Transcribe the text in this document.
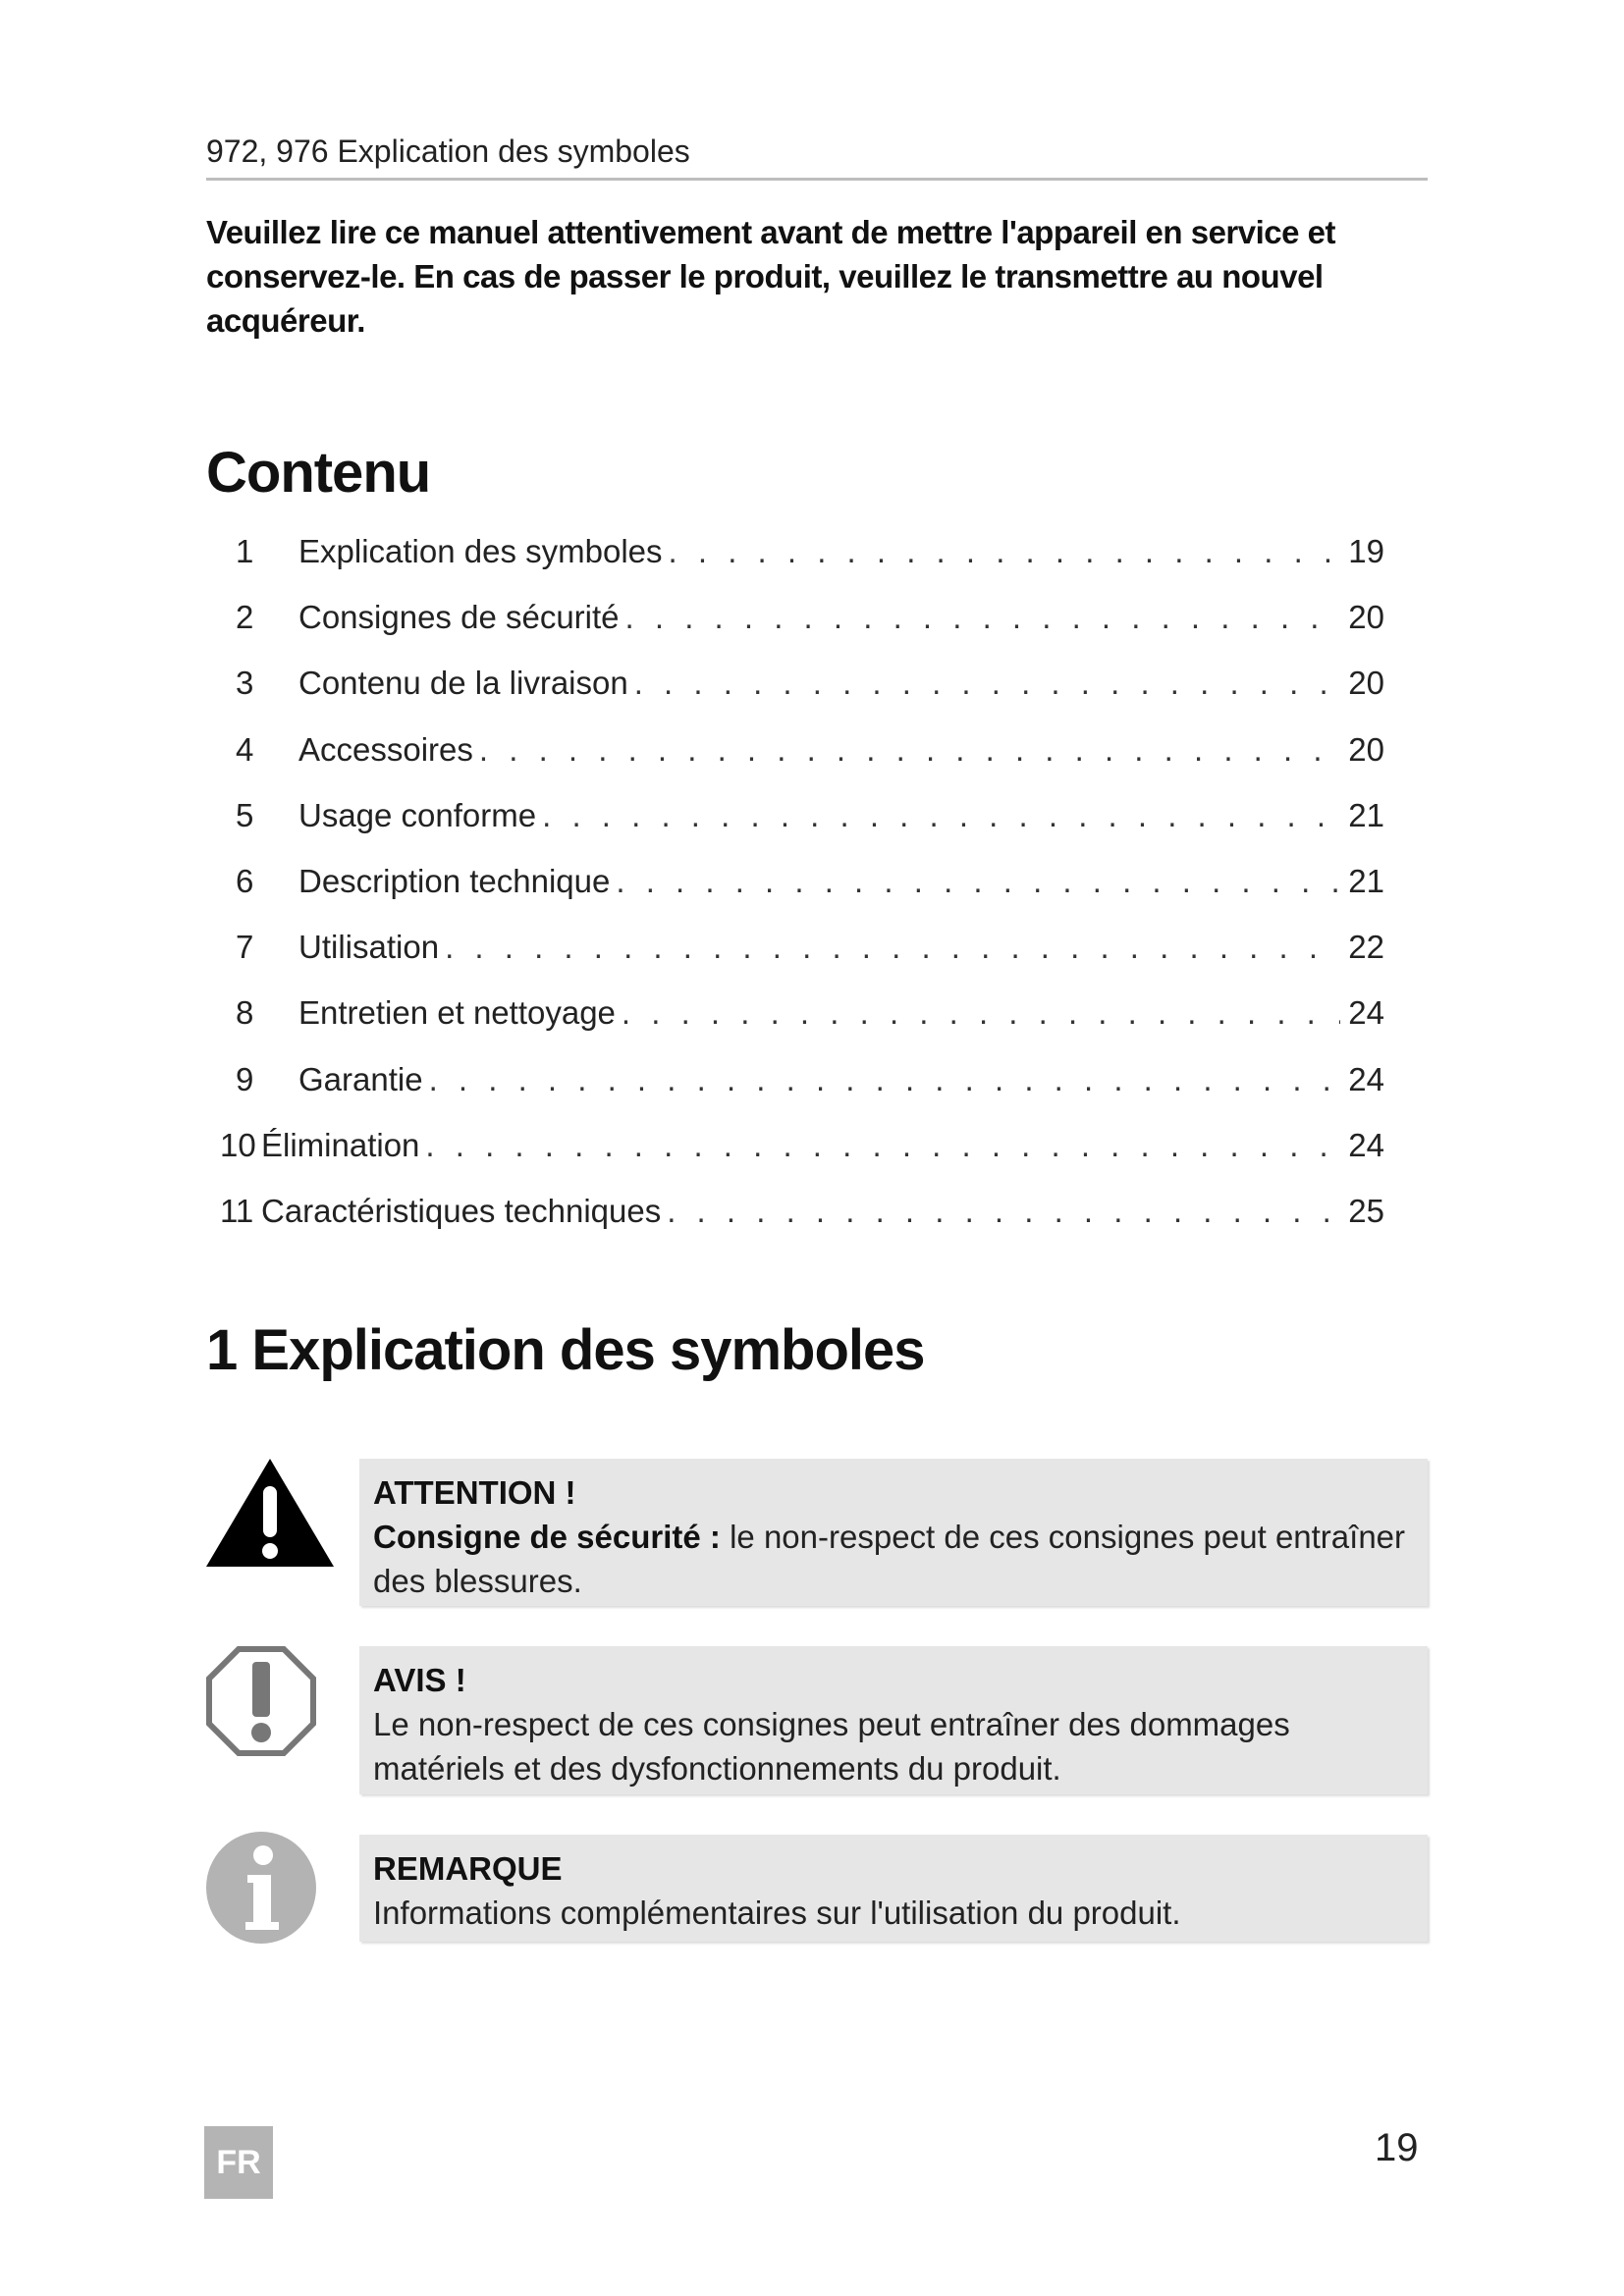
972, 976 Explication des symboles
Veuillez lire ce manuel attentivement avant de mettre l'appareil en service et conservez-le. En cas de passer le produit, veuillez le transmettre au nouvel acquéreur.
Contenu
1	Explication des symboles . . .	19
2	Consignes de sécurité . . .	20
3	Contenu de la livraison . . .	20
4	Accessoires . . .	20
5	Usage conforme . . .	21
6	Description technique . . .	21
7	Utilisation . . .	22
8	Entretien et nettoyage . . .	24
9	Garantie . . .	24
10 Élimination . . .	24
11 Caractéristiques techniques . . .	25
1 Explication des symboles
ATTENTION !
Consigne de sécurité : le non-respect de ces consignes peut entraîner des blessures.
AVIS !
Le non-respect de ces consignes peut entraîner des dommages matériels et des dysfonctionnements du produit.
REMARQUE
Informations complémentaires sur l'utilisation du produit.
FR	19
